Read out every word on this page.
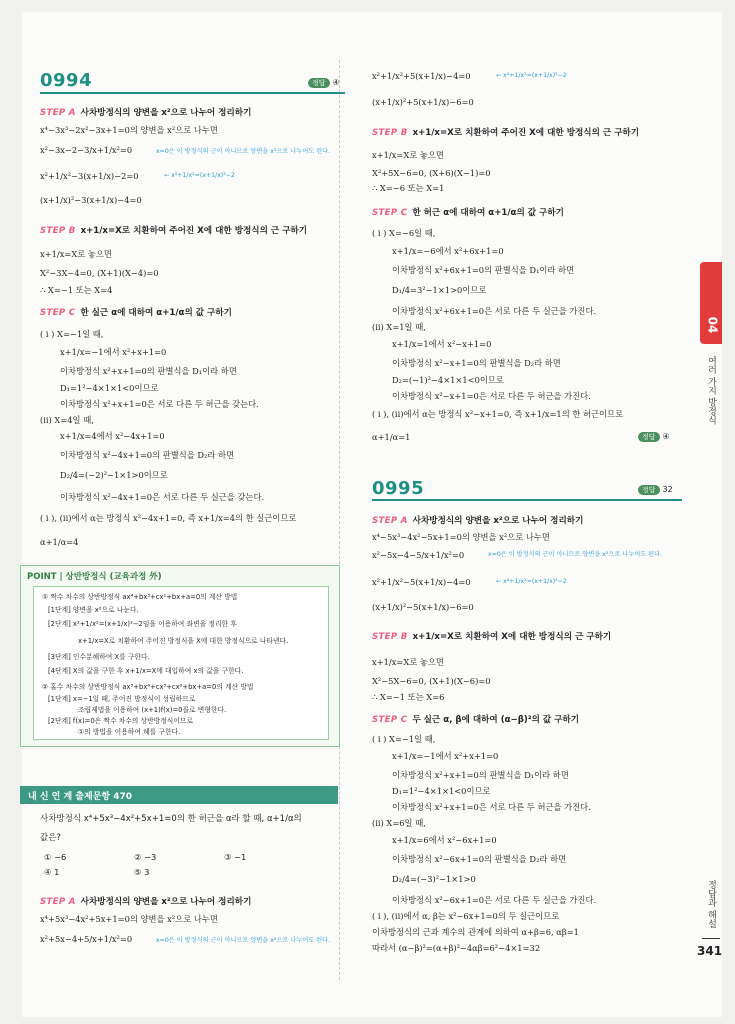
0994	정답 ④
STEP A 사차방정식의 양변을 x²으로 나누어 정리하기
x⁴−3x³−2x²−3x+1=0의 양변을 x²으로 나누면
x²−3x−2−3/x+1/x²=0	x=0은 이 방정식의 근이 아니므로 양변을 x²으로 나누어도 된다.
x²+1/x²−3(x+1/x)−2=0	← x²+1/x²=(x+1/x)²−2
(x+1/x)²−3(x+1/x)−4=0
STEP B x+1/x=X로 치환하여 주어진 X에 대한 방정식의 근 구하기
x+1/x=X로 놓으면
X²−3X−4=0, (X+1)(X−4)=0
∴ X=−1 또는 X=4
STEP C 한 실근 α에 대하여 α+1/α의 값 구하기
( i ) X=−1일 때,
x+1/x=−1에서 x²+x+1=0
이차방정식 x²+x+1=0의 판별식을 D₁이라 하면
D₁=1²−4×1×1<0이므로
이차방정식 x²+x+1=0은 서로 다른 두 허근을 갖는다.
(ii) X=4일 때,
x+1/x=4에서 x²−4x+1=0
이차방정식 x²−4x+1=0의 판별식을 D₂라 하면
D₂/4=(−2)²−1×1>0이므로
이차방정식 x²−4x+1=0은 서로 다른 두 실근을 갖는다.
( i ), (ii)에서 α는 방정식 x²−4x+1=0, 즉 x+1/x=4의 한 실근이므로
α+1/α=4
POINT | 상반방정식 (교육과정 外)
① 짝수 차수의 상반방정식 ax⁴+bx³+cx²+bx+a=0의 계산 방법
[1단계] 양변을 x²으로 나눈다.
[2단계] x²+1/x²=(x+1/x)²−2임을 이용하여 좌변을 정리한 후
x+1/x=X로 치환하여 주어진 방정식을 X에 대한 방정식으로 나타낸다.
[3단계] 인수분해하여 X를 구한다.
[4단계] X의 값을 구한 후 x+1/x=X에 대입하여 x의 값을 구한다.
② 홀수 차수의 상반방정식 ax⁵+bx⁴+cx³+cx²+bx+a=0의 계산 방법
[1단계] x=−1일 때, 주어진 방정식이 성립하므로
조립제법을 이용하여 (x+1)f(x)=0꼴로 변형한다.
[2단계] f(x)=0은 짝수 차수의 상반방정식이므로
①의 방법을 이용하여 해를 구한다.
내 신 연 계 출제문항 470
사차방정식 x⁴+5x³−4x²+5x+1=0의 한 허근을 α라 할 때, α+1/α의
값은?
① −6	② −3	③ −1
④ 1	⑤ 3
STEP A 사차방정식의 양변을 x²으로 나누어 정리하기
x⁴+5x³−4x²+5x+1=0의 양변을 x²으로 나누면
x²+5x−4+5/x+1/x²=0	x=0은 이 방정식의 근이 아니므로 양변을 x²으로 나누어도 된다.
x²+1/x²+5(x+1/x)−4=0	← x²+1/x²=(x+1/x)²−2
(x+1/x)²+5(x+1/x)−6=0
STEP B x+1/x=X로 치환하여 주어진 X에 대한 방정식의 근 구하기
x+1/x=X로 놓으면
X²+5X−6=0, (X+6)(X−1)=0
∴ X=−6 또는 X=1
STEP C 한 허근 α에 대하여 α+1/α의 값 구하기
( i ) X=−6일 때,
x+1/x=−6에서 x²+6x+1=0
이차방정식 x²+6x+1=0의 판별식을 D₁이라 하면
D₁/4=3²−1×1>0이므로
이차방정식 x²+6x+1=0은 서로 다른 두 실근을 가진다.
(ii) X=1일 때,
x+1/x=1에서 x²−x+1=0
이차방정식 x²−x+1=0의 판별식을 D₂라 하면
D₂=(−1)²−4×1×1<0이므로
이차방정식 x²−x+1=0은 서로 다른 두 허근을 가진다.
( i ), (ii)에서 α는 방정식 x²−x+1=0, 즉 x+1/x=1의 한 허근이므로
α+1/α=1	정답 ④
0995	정답 32
STEP A 사차방정식의 양변을 x²으로 나누어 정리하기
x⁴−5x³−4x²−5x+1=0의 양변을 x²으로 나누면
x²−5x−4−5/x+1/x²=0	x=0은 이 방정식의 근이 아니므로 양변을 x²으로 나누어도 된다.
x²+1/x²−5(x+1/x)−4=0	← x²+1/x²=(x+1/x)²−2
(x+1/x)²−5(x+1/x)−6=0
STEP B x+1/x=X로 치환하여 X에 대한 방정식의 근 구하기
x+1/x=X로 놓으면
X²−5X−6=0, (X+1)(X−6)=0
∴ X=−1 또는 X=6
STEP C 두 실근 α, β에 대하여 (α−β)²의 값 구하기
( i ) X=−1일 때,
x+1/x=−1에서 x²+x+1=0
이차방정식 x²+x+1=0의 판별식을 D₁이라 하면
D₁=1²−4×1×1<0이므로
이차방정식 x²+x+1=0은 서로 다른 두 허근을 가진다.
(ii) X=6일 때,
x+1/x=6에서 x²−6x+1=0
이차방정식 x²−6x+1=0의 판별식을 D₂라 하면
D₂/4=(−3)²−1×1>0
이차방정식 x²−6x+1=0은 서로 다른 두 실근을 가진다.
( i ), (ii)에서 α, β는 x²−6x+1=0의 두 실근이므로
이차방정식의 근과 계수의 관계에 의하여 α+β=6, αβ=1
따라서 (α−β)²=(α+β)²−4αβ=6²−4×1=32
04
여러 가지 방정식
정답과 해설
341
